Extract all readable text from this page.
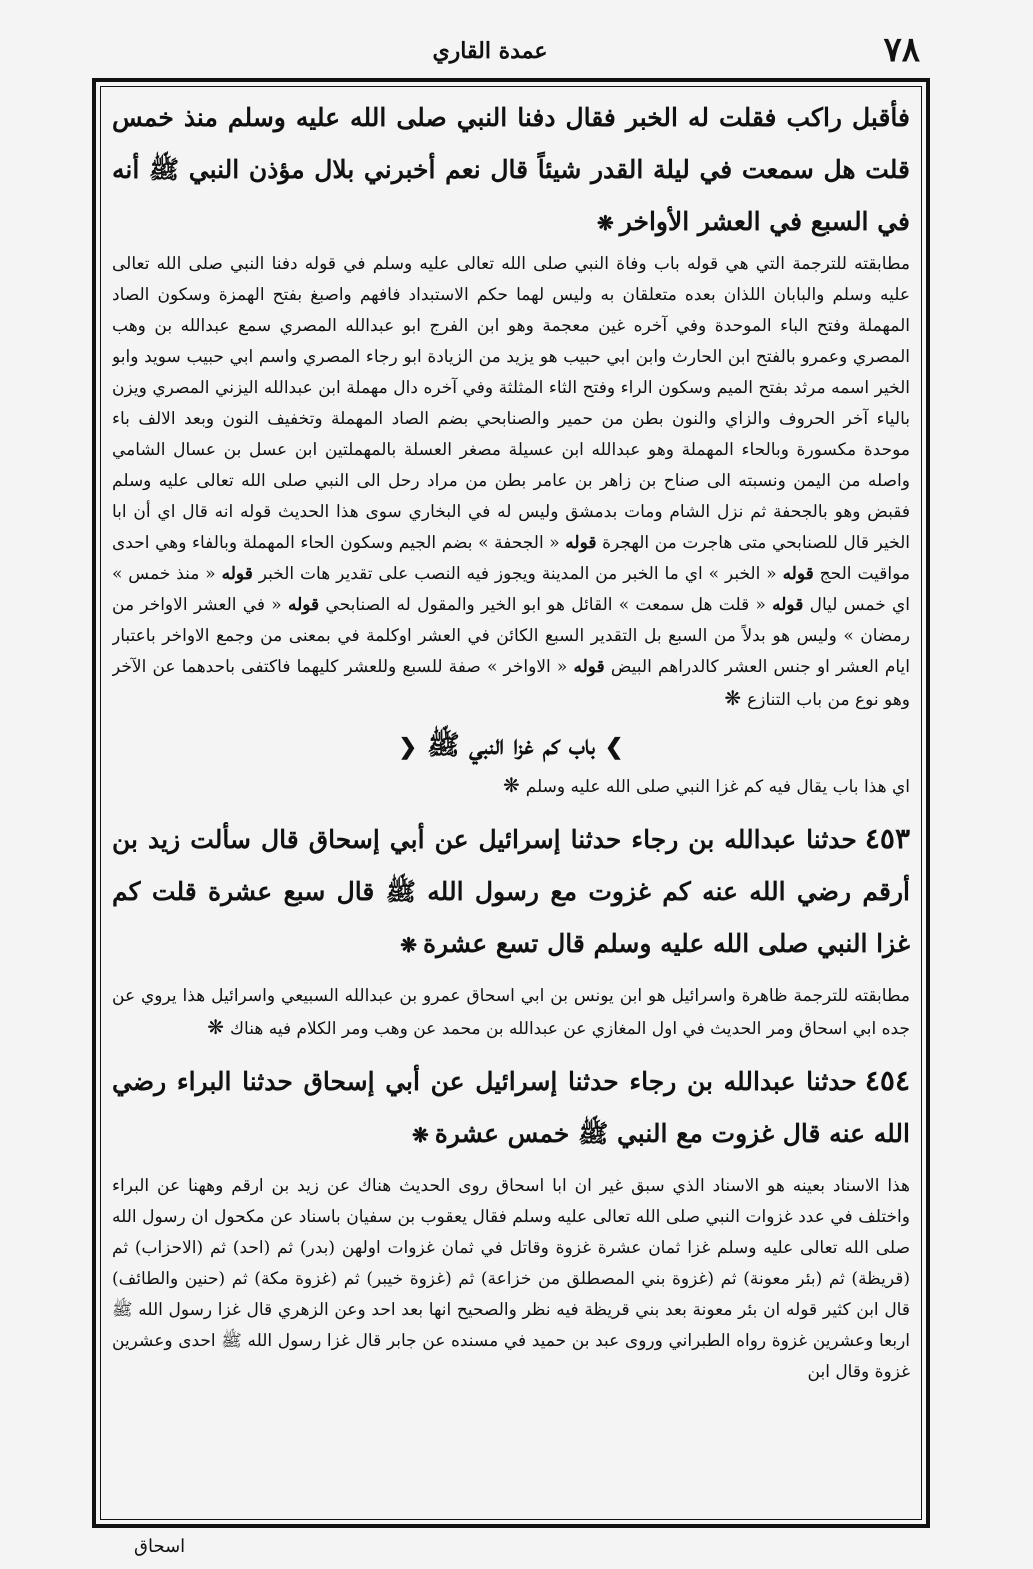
٧٨
عمدة القاري

فأقبل راكب فقلت له الخبر فقال دفنا النبي صلى الله عليه وسلم منذ خمس قلت هل سمعت في ليلة القدر شيئاً قال نعم أخبرني بلال مؤذن النبي ﷺ أنه في السبع في العشر الأواخر❋

مطابقته للترجمة التي هي قوله باب وفاة النبي صلى الله تعالى عليه وسلم في قوله دفنا النبي صلى الله تعالى عليه وسلم والبابان اللذان بعده متعلقان به وليس لهما حكم الاستبداد فافهم واصبغ بفتح الهمزة وسكون الصاد المهملة وفتح الباء الموحدة وفي آخره غين معجمة وهو ابن الفرج ابو عبدالله المصري سمع عبدالله بن وهب المصري وعمرو بالفتح ابن الحارث وابن ابي حبيب هو يزيد من الزيادة ابو رجاء المصري واسم ابي حبيب سويد وابو الخير اسمه مرثد بفتح الميم وسكون الراء وفتح الثاء المثلثة وفي آخره دال مهملة ابن عبدالله اليزني المصري ويزن بالياء آخر الحروف والزاي والنون بطن من حمير والصنابحي بضم الصاد المهملة وتخفيف النون وبعد الالف باء موحدة مكسورة وبالحاء المهملة وهو عبدالله ابن عسيلة مصغر العسلة بالمهملتين ابن عسل بن عسال الشامي واصله من اليمن ونسبته الى صناح بن زاهر بن عامر بطن من مراد رحل الى النبي صلى الله تعالى عليه وسلم فقبض وهو بالجحفة ثم نزل الشام ومات بدمشق وليس له في البخاري سوى هذا الحديث قوله انه قال اي أن ابا الخير قال للصنابحي متى هاجرت من الهجرة قوله « الجحفة » بضم الجيم وسكون الحاء المهملة وبالفاء وهي احدى مواقيت الحج قوله « الخبر » اي ما الخبر من المدينة ويجوز فيه النصب على تقدير هات الخبر قوله « منذ خمس » اي خمس ليال قوله « قلت هل سمعت » القائل هو ابو الخير والمقول له الصنابحي قوله « في العشر الاواخر من رمضان » وليس هو بدلاً من السبع بل التقدير السبع الكائن في العشر اوكلمة في بمعنى من وجمع الاواخر باعتبار ايام العشر او جنس العشر كالدراهم البيض قوله « الاواخر » صفة للسبع وللعشر كليهما فاكتفى باحدهما عن الآخر وهو نوع من باب التنازع❋

❯باب كم غزا النبي ﷺ❮

اي هذا باب يقال فيه كم غزا النبي صلى الله عليه وسلم❋

٤٥٣حدثنا عبدالله بن رجاء حدثنا إسرائيل عن أبي إسحاق قال سألت زيد بن أرقم رضي الله عنه كم غزوت مع رسول الله ﷺ قال سبع عشرة قلت كم غزا النبي صلى الله عليه وسلم قال تسع عشرة❋

مطابقته للترجمة ظاهرة واسرائيل هو ابن يونس بن ابي اسحاق عمرو بن عبدالله السبيعي واسرائيل هذا يروي عن جده ابي اسحاق ومر الحديث في اول المغازي عن عبدالله بن محمد عن وهب ومر الكلام فيه هناك❋

٤٥٤حدثنا عبدالله بن رجاء حدثنا إسرائيل عن أبي إسحاق حدثنا البراء رضي الله عنه قال غزوت مع النبي ﷺ خمس عشرة❋

هذا الاسناد بعينه هو الاسناد الذي سبق غير ان ابا اسحاق روى الحديث هناك عن زيد بن ارقم وههنا عن البراء واختلف في عدد غزوات النبي صلى الله تعالى عليه وسلم فقال يعقوب بن سفيان باسناد عن مكحول ان رسول الله صلى الله تعالى عليه وسلم غزا ثمان عشرة غزوة وقاتل في ثمان غزوات اولهن (بدر) ثم (احد) ثم (الاحزاب) ثم (قريظة) ثم (بئر معونة) ثم (غزوة بني المصطلق من خزاعة) ثم (غزوة خيبر) ثم (غزوة مكة) ثم (حنين والطائف) قال ابن كثير قوله ان بئر معونة بعد بني قريظة فيه نظر والصحيح انها بعد احد وعن الزهري قال غزا رسول الله ﷺ اربعا وعشرين غزوة رواه الطبراني وروى عبد بن حميد في مسنده عن جابر قال غزا رسول الله ﷺ احدى وعشرين غزوة وقال ابن

اسحاق
